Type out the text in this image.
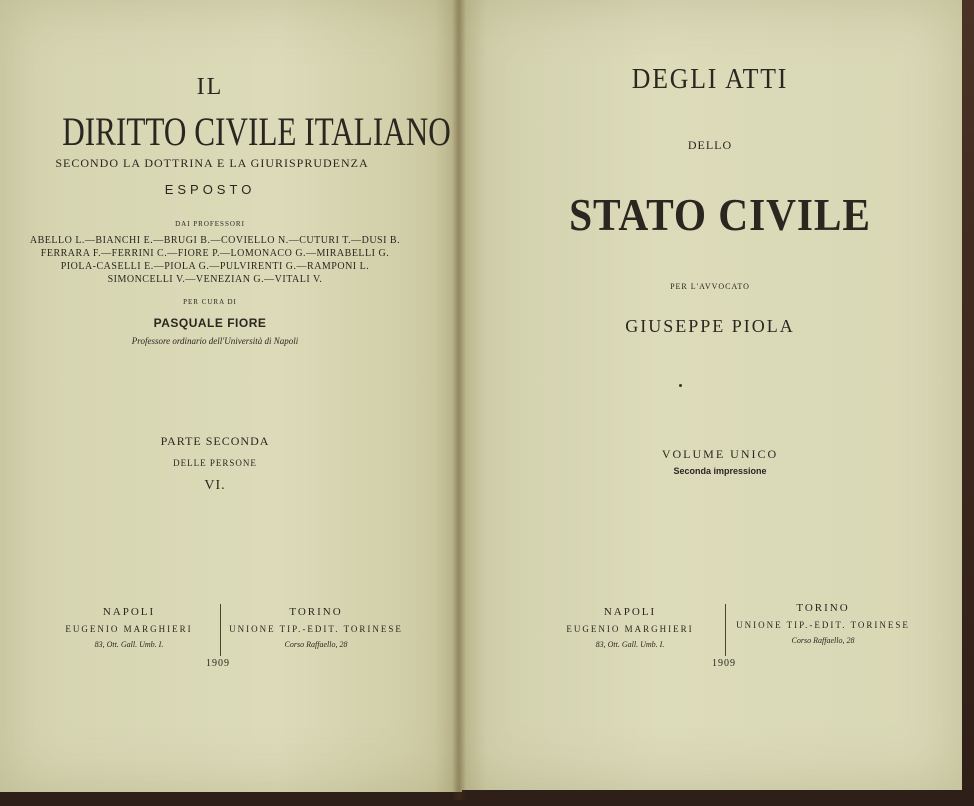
IL
DIRITTO CIVILE ITALIANO
SECONDO LA DOTTRINA E LA GIURISPRUDENZA
ESPOSTO
DAI PROFESSORI
ABELLO L.—BIANCHI E.—BRUGI B.—COVIELLO N.—CUTURI T.—DUSI B.
FERRARA F.—FERRINI C.—FIORE P.—LOMONACO G.—MIRABELLI G.
PIOLA-CASELLI E.—PIOLA G.—PULVIRENTI G.—RAMPONI L.
SIMONCELLI V.—VENEZIAN G.—VITALI V.
PER CURA DI
PASQUALE FIORE
Professore ordinario dell'Università di Napoli
PARTE SECONDA
DELLE PERSONE
VI.
NAPOLI
EUGENIO MARGHIERI
83, Ott. Gall. Umb. I.
TORINO
UNIONE TIP.-EDIT. TORINESE
Corso Raffaello, 28
1909
DEGLI ATTI
DELLO
STATO CIVILE
PER L'AVVOCATO
GIUSEPPE PIOLA
VOLUME UNICO
Seconda impressione
NAPOLI
EUGENIO MARGHIERI
83, Ott. Gall. Umb. I.
TORINO
UNIONE TIP.-EDIT. TORINESE
Corso Raffaello, 28
1909
